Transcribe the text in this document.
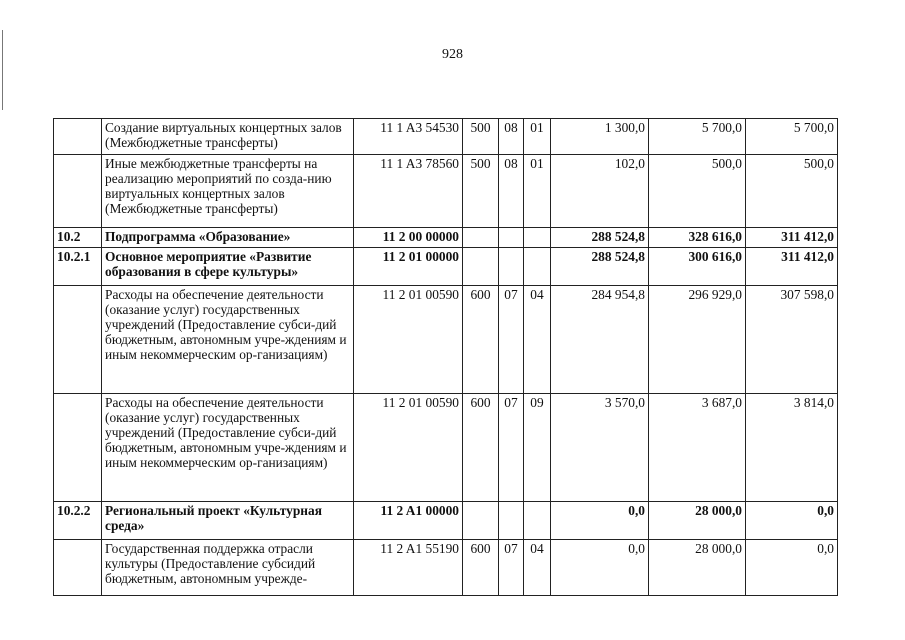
928
	Создание виртуальных концертных залов (Межбюджетные трансферты)	11 1 A3 54530	500	08	01	1 300,0	5 700,0	5 700,0
	Иные межбюджетные трансферты на реализацию мероприятий по созда-нию виртуальных концертных залов (Межбюджетные трансферты)	11 1 A3 78560	500	08	01	102,0	500,0	500,0
10.2	Подпрограмма «Образование»	11 2 00 00000				288 524,8	328 616,0	311 412,0
10.2.1	Основное мероприятие «Развитие образования в сфере культуры»	11 2 01 00000				288 524,8	300 616,0	311 412,0
	Расходы на обеспечение деятельности (оказание услуг) государственных учреждений (Предоставление субси-дий бюджетным, автономным учре-ждениям и иным некоммерческим ор-ганизациям)	11 2 01 00590	600	07	04	284 954,8	296 929,0	307 598,0
	Расходы на обеспечение деятельности (оказание услуг) государственных учреждений (Предоставление субси-дий бюджетным, автономным учре-ждениям и иным некоммерческим ор-ганизациям)	11 2 01 00590	600	07	09	3 570,0	3 687,0	3 814,0
10.2.2	Региональный проект «Культурная среда»	11 2 A1 00000				0,0	28 000,0	0,0
	Государственная поддержка отрасли культуры (Предоставление субсидий бюджетным, автономным учрежде-	11 2 A1 55190	600	07	04	0,0	28 000,0	0,0
